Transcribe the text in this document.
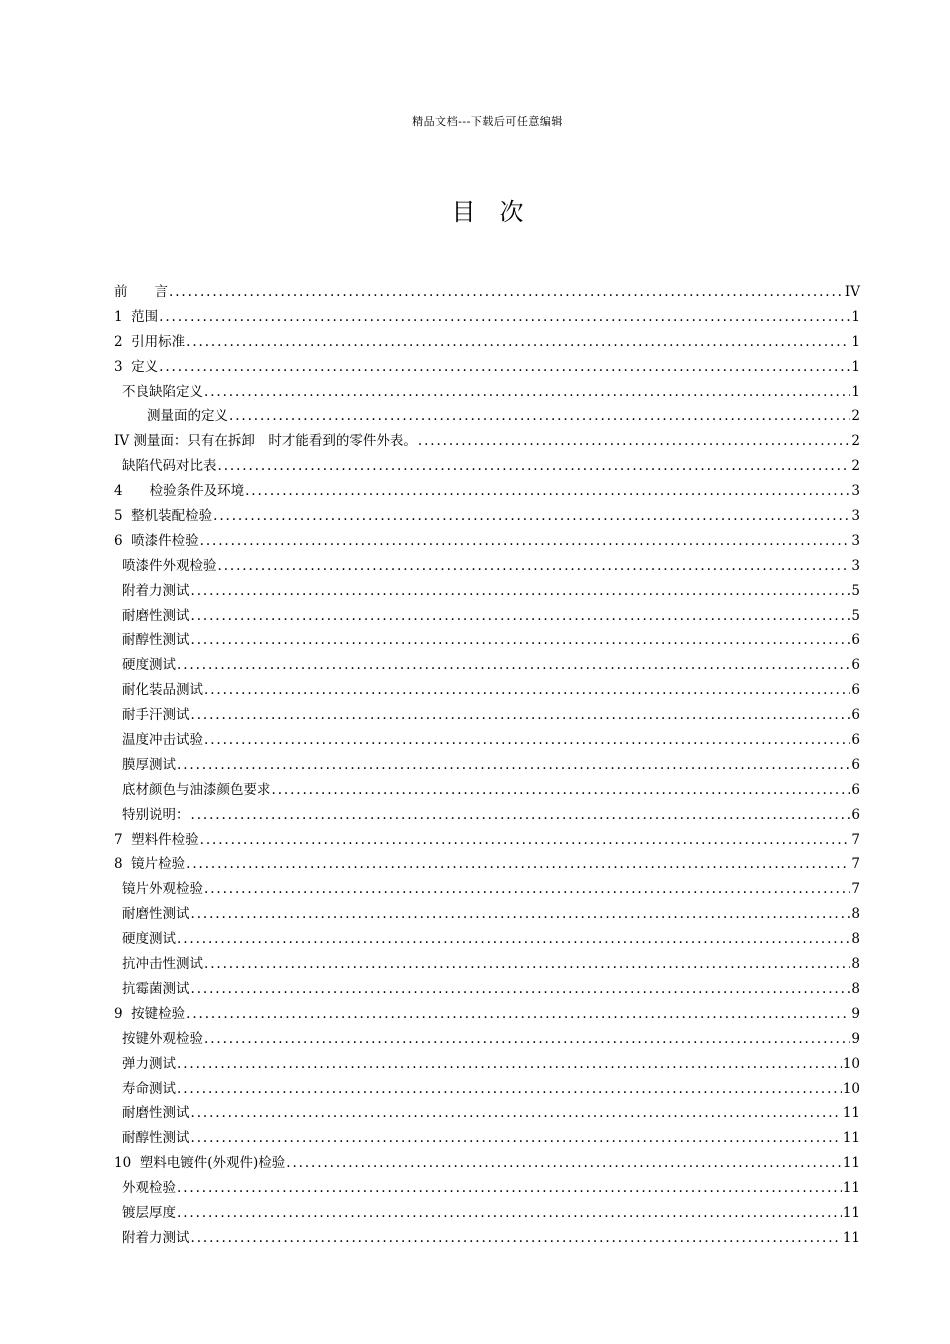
精品文档---下载后可任意编辑
目　次
前　　言 .....	IV
1  范围 .....	1
2  引用标准 .....	1
3  定义 .....	1
不良缺陷定义 .....	1
测量面的定义 .....	2
IV 测量面：只有在拆卸　时才能看到的零件外表。 .....	2
缺陷代码对比表 .....	2
4　　检验条件及环境 .....	3
5  整机装配检验 .....	3
6  喷漆件检验 .....	3
喷漆件外观检验 .....	3
附着力测试 .....	5
耐磨性测试 .....	5
耐醇性测试 .....	6
硬度测试 .....	6
耐化装品测试 .....	6
耐手汗测试 .....	6
温度冲击试验 .....	6
膜厚测试 .....	6
底材颜色与油漆颜色要求 .....	6
特别说明： .....	6
7  塑料件检验 .....	7
8  镜片检验 .....	7
镜片外观检验 .....	7
耐磨性测试 .....	8
硬度测试 .....	8
抗冲击性测试 .....	8
抗霉菌测试 .....	8
9  按键检验 .....	9
按键外观检验 .....	9
弹力测试 .....	10
寿命测试 .....	10
耐磨性测试 .....	11
耐醇性测试 .....	11
10  塑料电镀件(外观件)检验 .....	11
外观检验 .....	11
镀层厚度 .....	11
附着力测试 .....	11
